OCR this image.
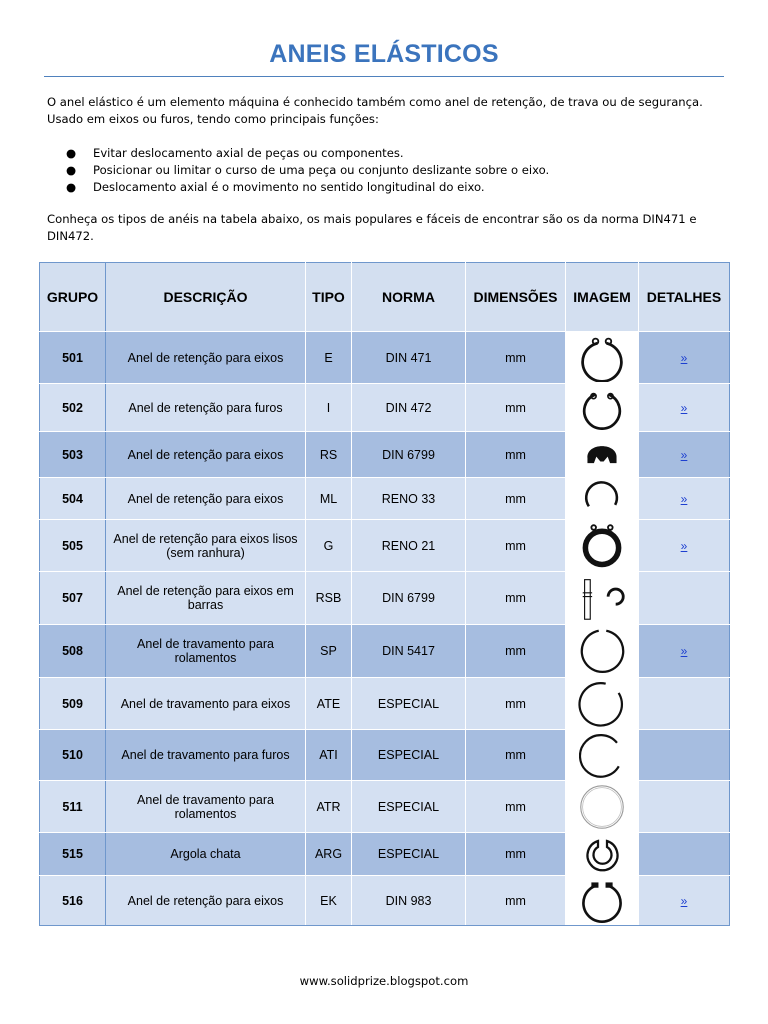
ANEIS ELÁSTICOS

O anel elástico é um elemento máquina é conhecido também como anel de retenção, de trava ou de segurança.

Usado em eixos ou furos, tendo como principais funções:

● Evitar deslocamento axial de peças ou componentes.
● Posicionar ou limitar o curso de uma peça ou conjunto deslizante sobre o eixo.
● Deslocamento axial é o movimento no sentido longitudinal do eixo.
Conheça os tipos de anéis na tabela abaixo, os mais populares e fáceis de encontrar são os da norma DIN471 e
DIN472.
GRUPO	DESCRIÇÃO	TIPO	NORMA	DIMENSÕES	IMAGEM	DETALHES
501	Anel de retenção para eixos	E	DIN 471	mm		»
502	Anel de retenção para furos	I	DIN 472	mm		»
503	Anel de retenção para eixos	RS	DIN 6799	mm		»
504	Anel de retenção para eixos	ML	RENO 33	mm		»
505	Anel de retenção para eixos lisos (sem ranhura)	G	RENO 21	mm		»
507	Anel de retenção para eixos em barras	RSB	DIN 6799	mm	

508	Anel de travamento para rolamentos	SP	DIN 5417	mm		»
509	Anel de travamento para eixos	ATE	ESPECIAL	mm	

510	Anel de travamento para furos	ATI	ESPECIAL	mm	

511	Anel de travamento para rolamentos	ATR	ESPECIAL	mm	

515	Argola chata	ARG	ESPECIAL	mm	

516	Anel de retenção para eixos	EK	DIN 983	mm		»
www.solidprize.blogspot.com
